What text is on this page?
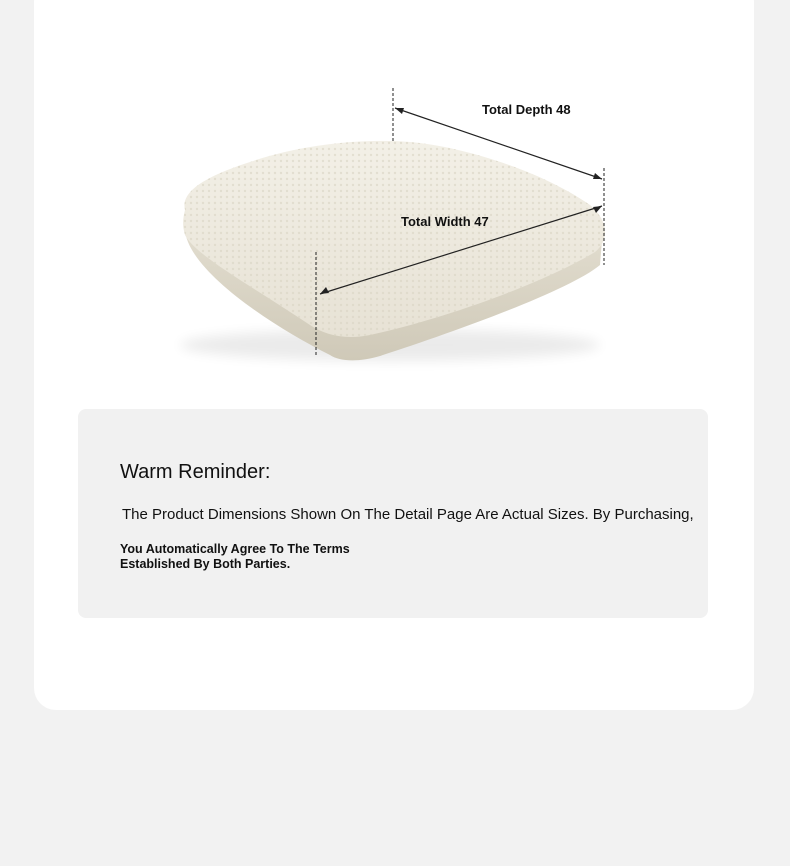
Total Depth 48
Total Width 47
Warm Reminder:
The Product Dimensions Shown On The Detail Page Are Actual Sizes. By Purchasing,
You Automatically Agree To The Terms Established By Both Parties.
